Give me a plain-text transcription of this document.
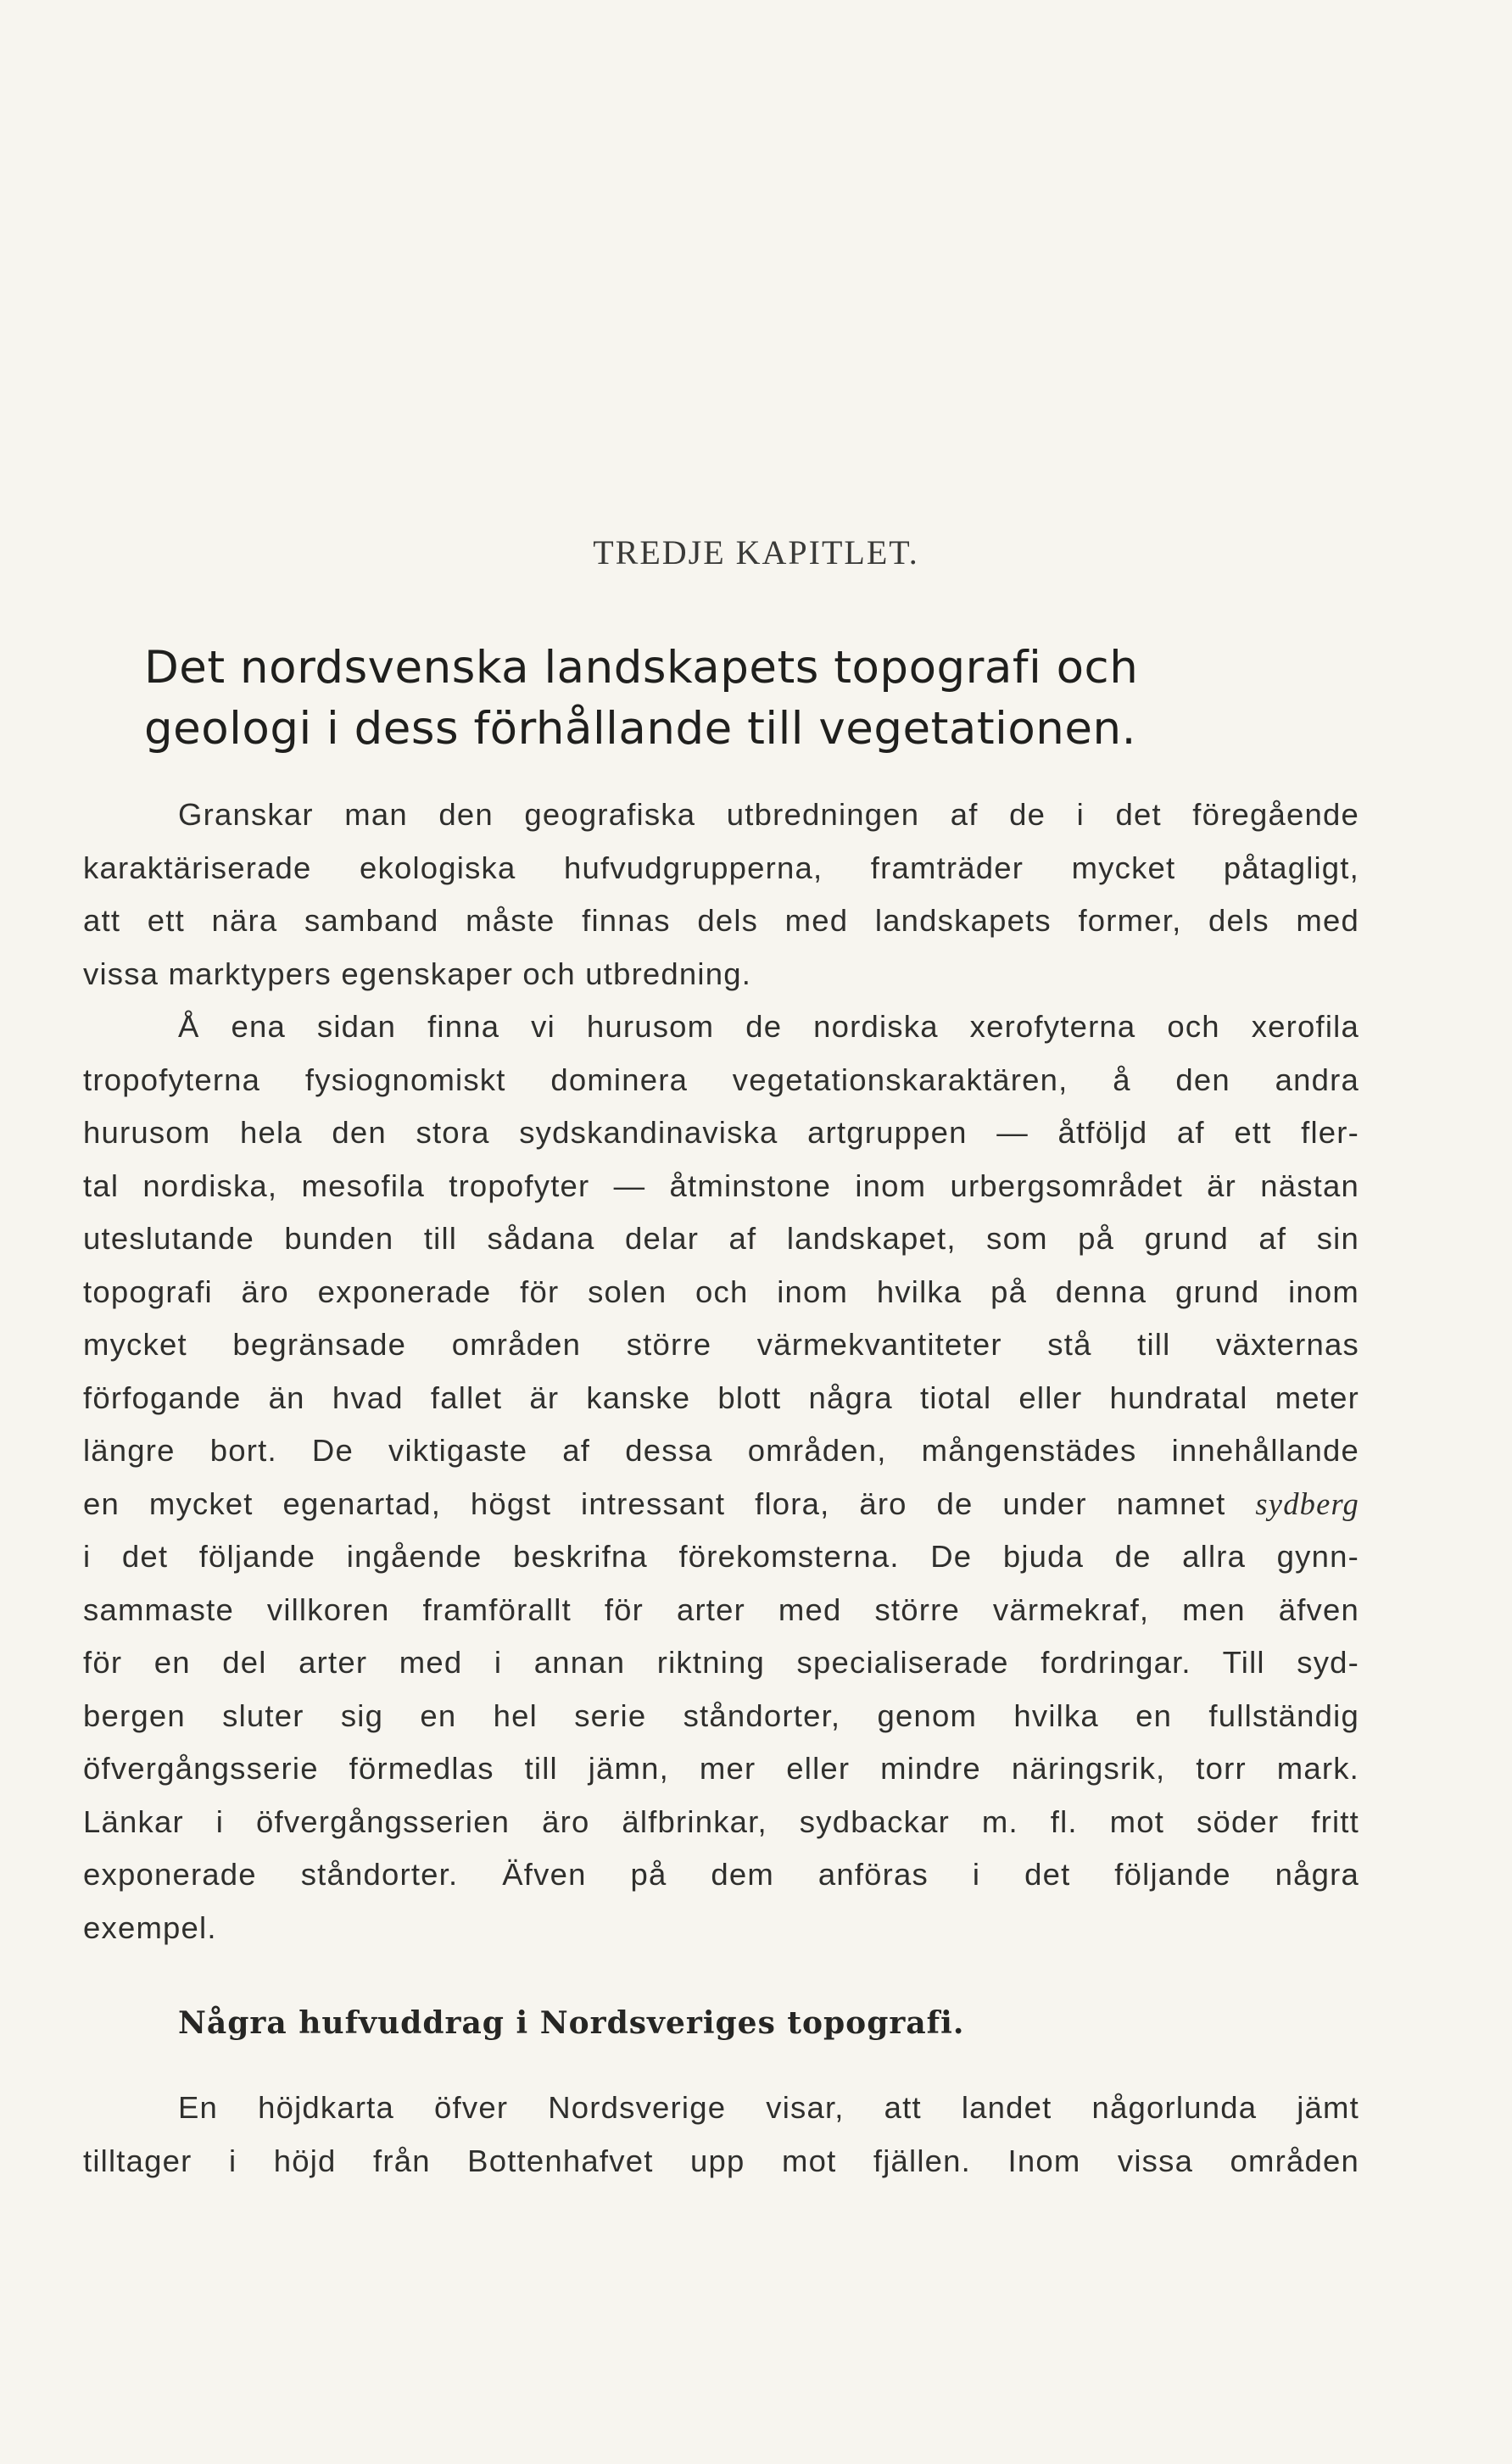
TREDJE KAPITLET.
Det nordsvenska landskapets topografi och
geologi i dess förhållande till vegetationen.
Granskar man den geografiska utbredningen af de i det föregående
karaktäriserade ekologiska hufvudgrupperna, framträder mycket påtagligt,
att ett nära samband måste finnas dels med landskapets former, dels med
vissa marktypers egenskaper och utbredning.
Å ena sidan finna vi hurusom de nordiska xerofyterna och xerofila
tropofyterna fysiognomiskt dominera vegetationskaraktären, å den andra
hurusom hela den stora sydskandinaviska artgruppen — åtföljd af ett fler-
tal nordiska, mesofila tropofyter — åtminstone inom urbergsområdet är nästan
uteslutande bunden till sådana delar af landskapet, som på grund af sin
topografi äro exponerade för solen och inom hvilka på denna grund inom
mycket begränsade områden större värmekvantiteter stå till växternas
förfogande än hvad fallet är kanske blott några tiotal eller hundratal meter
längre bort. De viktigaste af dessa områden, mångenstädes innehållande
en mycket egenartad, högst intressant flora, äro de under namnet sydberg
i det följande ingående beskrifna förekomsterna. De bjuda de allra gynn-
sammaste villkoren framförallt för arter med större värmekraf, men äfven
för en del arter med i annan riktning specialiserade fordringar. Till syd-
bergen sluter sig en hel serie ståndorter, genom hvilka en fullständig
öfvergångsserie förmedlas till jämn, mer eller mindre näringsrik, torr mark.
Länkar i öfvergångsserien äro älfbrinkar, sydbackar m. fl. mot söder fritt
exponerade ståndorter. Äfven på dem anföras i det följande några
exempel.
Några hufvuddrag i Nordsveriges topografi.
En höjdkarta öfver Nordsverige visar, att landet någorlunda jämt
tilltager i höjd från Bottenhafvet upp mot fjällen. Inom vissa områden
